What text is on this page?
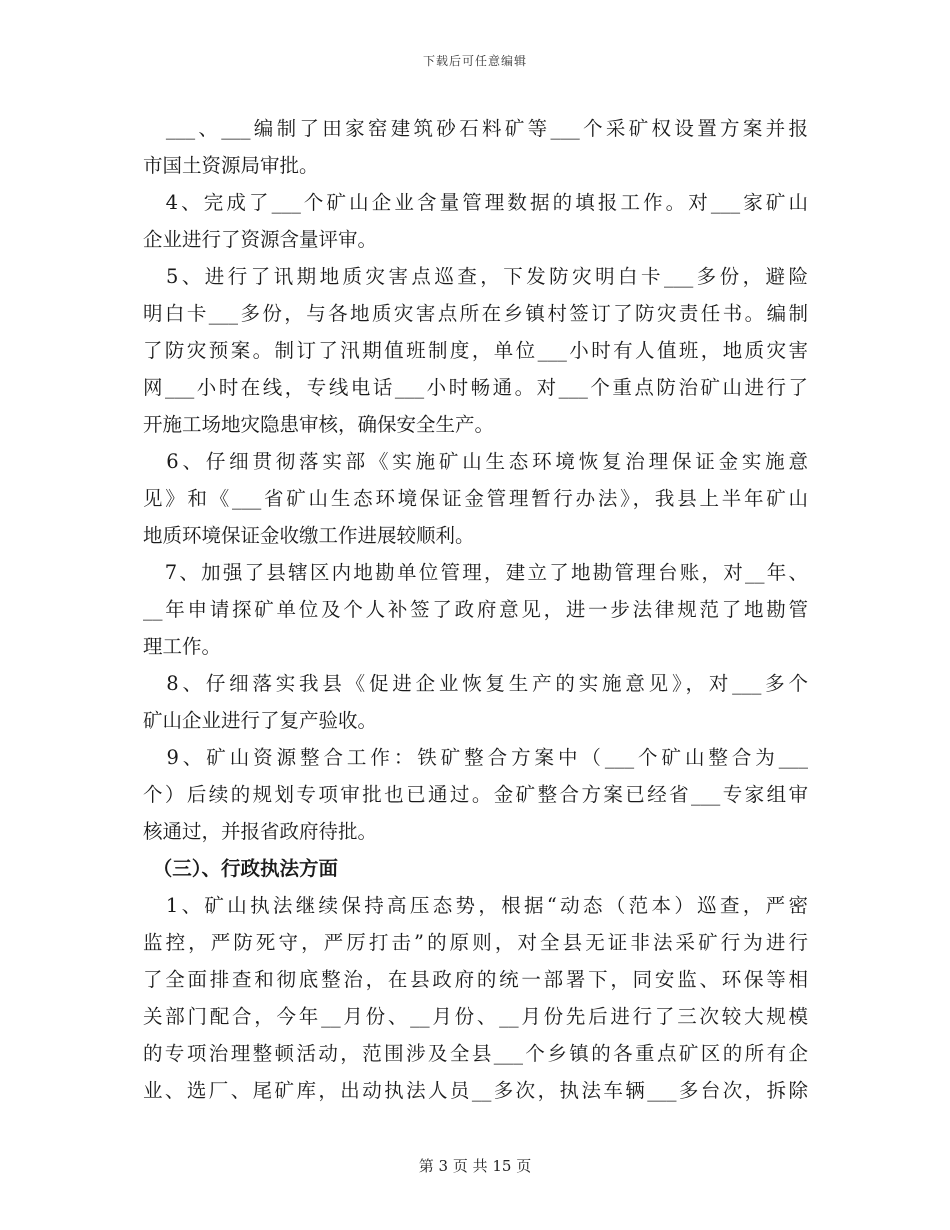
下载后可任意编辑
　___、___编制了田家窑建筑砂石料矿等___个采矿权设置方案并报
市国土资源局审批。
　4、完成了___个矿山企业含量管理数据的填报工作。对___家矿山
企业进行了资源含量评审。
　5、进行了讯期地质灾害点巡查，下发防灾明白卡___多份，避险
明白卡___多份，与各地质灾害点所在乡镇村签订了防灾责任书。编制
了防灾预案。制订了汛期值班制度，单位___小时有人值班，地质灾害
网___小时在线，专线电话___小时畅通。对___个重点防治矿山进行了
开施工场地灾隐患审核，确保安全生产。
　6、仔细贯彻落实部《实施矿山生态环境恢复治理保证金实施意
见》和《___省矿山生态环境保证金管理暂行办法》，我县上半年矿山
地质环境保证金收缴工作进展较顺利。
　7、加强了县辖区内地勘单位管理，建立了地勘管理台账，对__年、
__年申请探矿单位及个人补签了政府意见，进一步法律规范了地勘管
理工作。
　8、仔细落实我县《促进企业恢复生产的实施意见》，对___多个
矿山企业进行了复产验收。
　9、矿山资源整合工作：铁矿整合方案中（___个矿山整合为___
个）后续的规划专项审批也已通过。金矿整合方案已经省___专家组审
核通过，并报省政府待批。
　（三）、行政执法方面
　1、矿山执法继续保持高压态势，根据“动态（范本）巡查，严密
监控，严防死守，严厉打击”的原则，对全县无证非法采矿行为进行
了全面排查和彻底整治，在县政府的统一部署下，同安监、环保等相
关部门配合，今年__月份、__月份、__月份先后进行了三次较大规模
的专项治理整顿活动，范围涉及全县___个乡镇的各重点矿区的所有企
业、选厂、尾矿库，出动执法人员__多次，执法车辆___多台次，拆除
第 3 页 共 15 页
